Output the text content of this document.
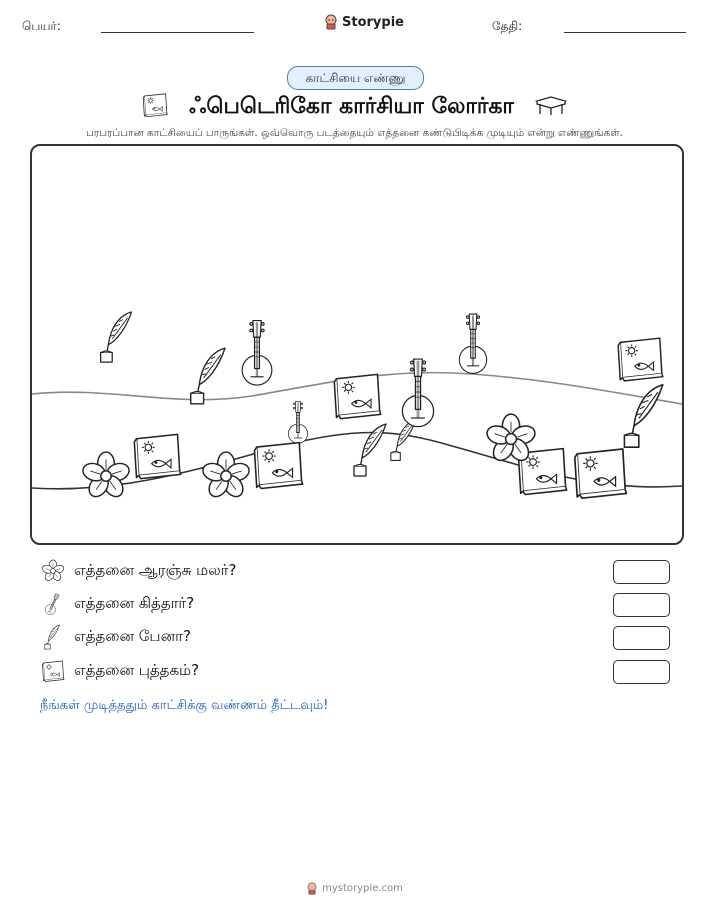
பெயர்:	Storypie	தேதி:
காட்சியை எண்ணு
ஃபெடெரிகோ கார்சியா லோர்கா
பரபரப்பான காட்சியைப் பாருங்கள். ஒவ்வொரு படத்தையும் எத்தனை கண்டுபிடிக்க முடியும் என்று எண்ணுங்கள்.
எத்தனை ஆரஞ்சு மலர்?
எத்தனை கித்தார்?
எத்தனை பேனா?
எத்தனை புத்தகம்?
நீங்கள் முடித்ததும் காட்சிக்கு வண்ணம் தீட்டவும்!
mystorypie.com
